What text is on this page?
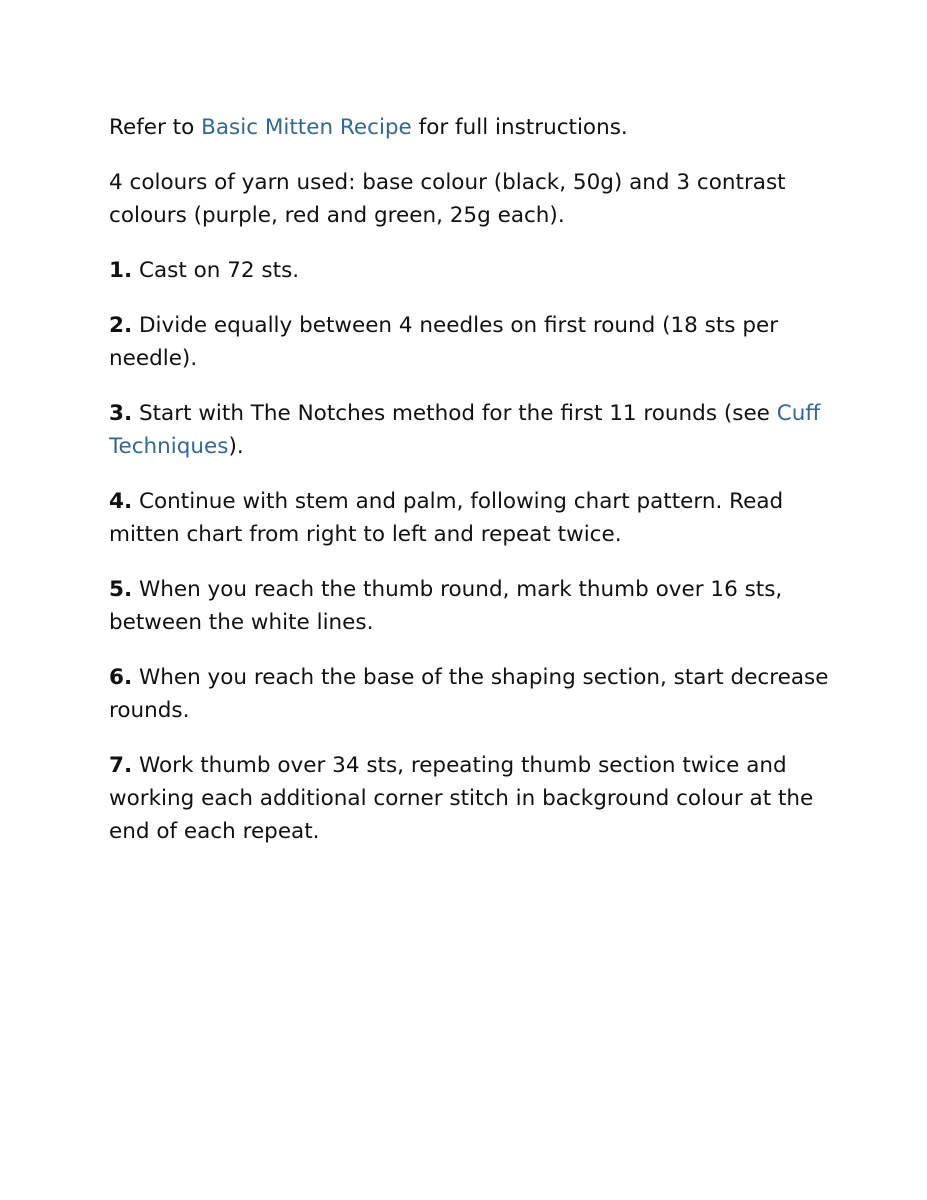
Refer to Basic Mitten Recipe for full instructions.

4 colours of yarn used: base colour (black, 50g) and 3 contrast colours (purple, red and green, 25g each).

1. Cast on 72 sts.

2. Divide equally between 4 needles on first round (18 sts per needle).

3. Start with The Notches method for the first 11 rounds (see Cuff Techniques).

4. Continue with stem and palm, following chart pattern. Read mitten chart from right to left and repeat twice.

5. When you reach the thumb round, mark thumb over 16 sts, between the white lines.

6. When you reach the base of the shaping section, start decrease rounds.

7. Work thumb over 34 sts, repeating thumb section twice and working each additional corner stitch in background colour at the end of each repeat.
